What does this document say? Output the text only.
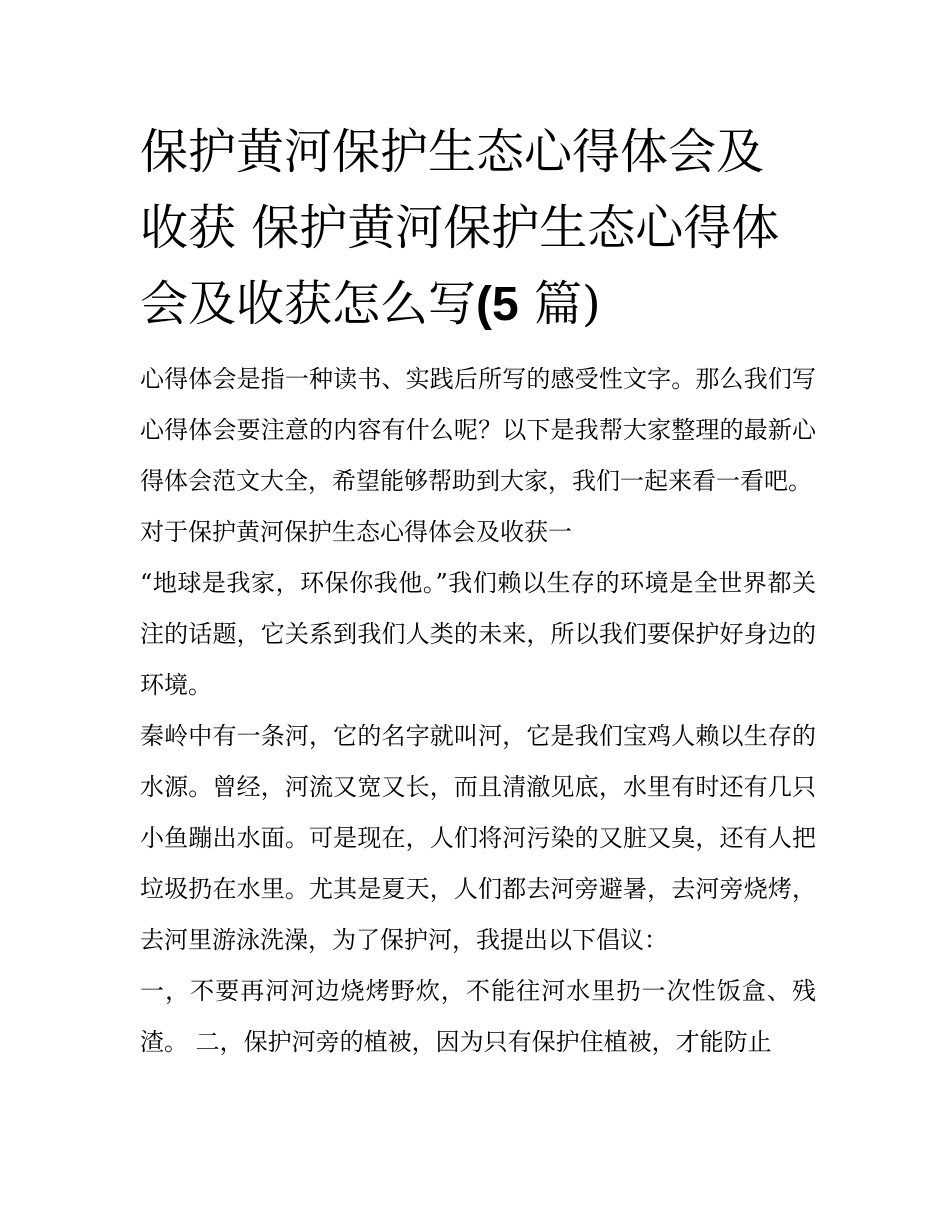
保护黄河保护生态心得体会及
收获 保护黄河保护生态心得体
会及收获怎么写(5 篇)

心得体会是指一种读书、实践后所写的感受性文字。那么我们写心得体会要注意的内容有什么呢？以下是我帮大家整理的最新心得体会范文大全，希望能够帮助到大家，我们一起来看一看吧。

对于保护黄河保护生态心得体会及收获一

“地球是我家，环保你我他。”我们赖以生存的环境是全世界都关注的话题，它关系到我们人类的未来，所以我们要保护好身边的环境。

秦岭中有一条河，它的名字就叫河，它是我们宝鸡人赖以生存的水源。曾经，河流又宽又长，而且清澈见底，水里有时还有几只小鱼蹦出水面。可是现在，人们将河污染的又脏又臭，还有人把垃圾扔在水里。尤其是夏天，人们都去河旁避暑，去河旁烧烤，去河里游泳洗澡，为了保护河，我提出以下倡议：

一，不要再河河边烧烤野炊，不能往河水里扔一次性饭盒、残渣。 二，保护河旁的植被，因为只有保护住植被，才能防止
